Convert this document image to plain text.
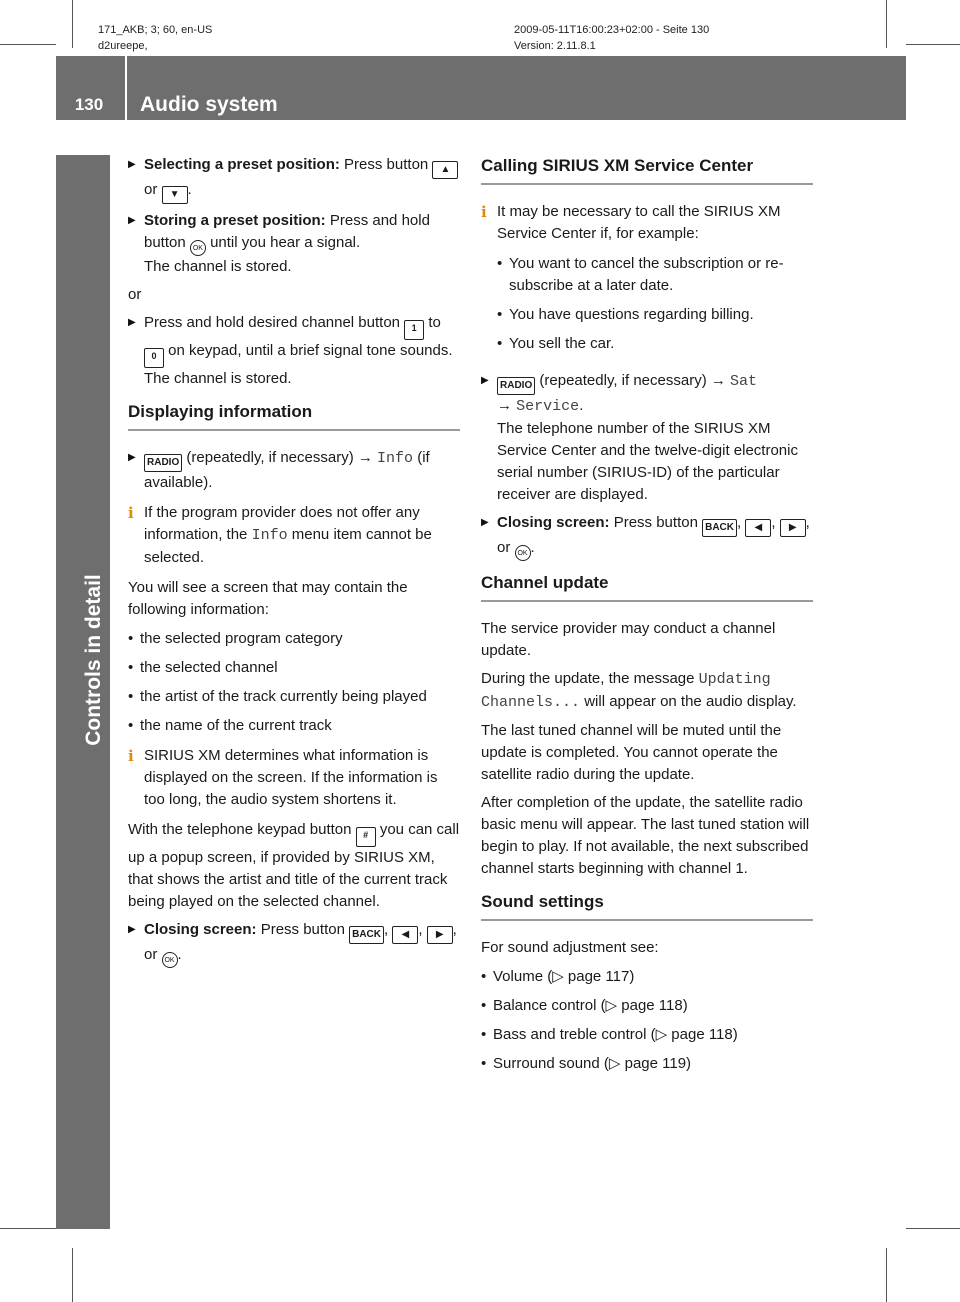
171_AKB; 3; 60, en-US
d2ureepe,
2009-05-11T16:00:23+02:00 - Seite 130
Version: 2.11.8.1
130	Audio system
Controls in detail
▶ Selecting a preset position: Press button ▲ or ▼ .
▶ Storing a preset position: Press and hold button OK until you hear a signal.
The channel is stored.
or
▶ Press and hold desired channel button 1 to 0 on keypad, until a brief signal tone sounds.
The channel is stored.
Displaying information
▶ RADIO (repeatedly, if necessary) → Info (if available).
i If the program provider does not offer any information, the Info menu item cannot be selected.
You will see a screen that may contain the following information:
• the selected program category
• the selected channel
• the artist of the track currently being played
• the name of the current track
i SIRIUS XM determines what information is displayed on the screen. If the information is too long, the audio system shortens it.
With the telephone keypad button # you can call up a popup screen, if provided by SIRIUS XM, that shows the artist and title of the current track being played on the selected channel.
▶ Closing screen: Press button BACK , ◀ , ▶ , or OK .
Calling SIRIUS XM Service Center
i It may be necessary to call the SIRIUS XM Service Center if, for example:
• You want to cancel the subscription or re-subscribe at a later date.
• You have questions regarding billing.
• You sell the car.
▶ RADIO (repeatedly, if necessary) → Sat
→ Service.
The telephone number of the SIRIUS XM Service Center and the twelve-digit electronic serial number (SIRIUS-ID) of the particular receiver are displayed.
▶ Closing screen: Press button BACK , ◀ , ▶ , or OK .
Channel update
The service provider may conduct a channel update.
During the update, the message Updating Channels... will appear on the audio display.
The last tuned channel will be muted until the update is completed. You cannot operate the satellite radio during the update.
After completion of the update, the satellite radio basic menu will appear. The last tuned station will begin to play. If not available, the next subscribed channel starts beginning with channel 1.
Sound settings
For sound adjustment see:
• Volume (▷ page 117)
• Balance control (▷ page 118)
• Bass and treble control (▷ page 118)
• Surround sound (▷ page 119)
